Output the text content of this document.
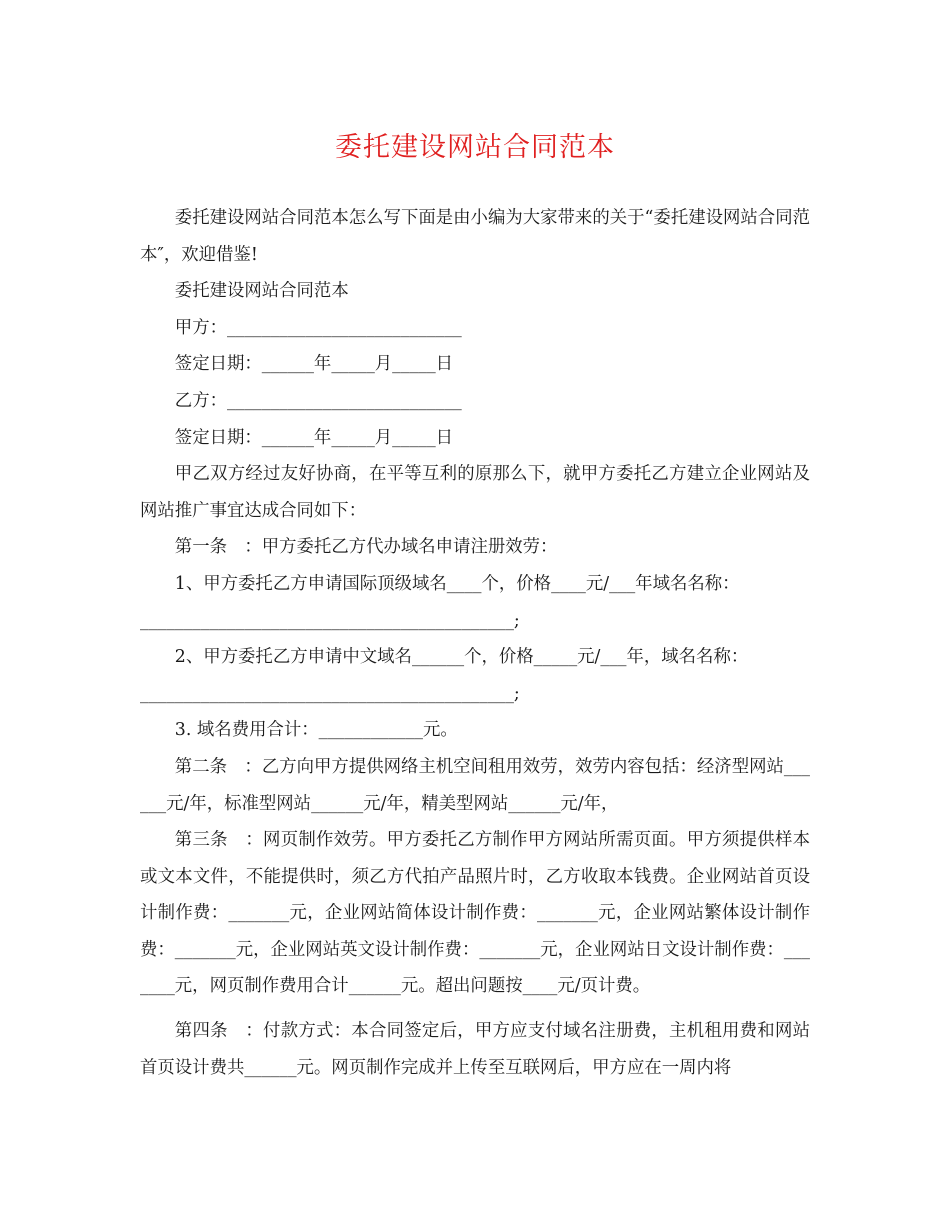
委托建设网站合同范本

委托建设网站合同范本怎么写下面是由小编为大家带来的关于“委托建设网站合同范本″，欢迎借鉴!

委托建设网站合同范本

甲方：___________________________

签定日期：______年_____月_____日

乙方：___________________________

签定日期：______年_____月_____日

甲乙双方经过友好协商，在平等互利的原那么下，就甲方委托乙方建立企业网站及网站推广事宜达成合同如下：

第一条　：甲方委托乙方代办域名申请注册效劳：

1、甲方委托乙方申请国际顶级域名____个，价格____元/___年域名名称：

___________________________________________;

2、甲方委托乙方申请中文域名______个，价格_____元/___年，域名名称：

___________________________________________;

3. 域名费用合计：____________元。

第二条　：乙方向甲方提供网络主机空间租用效劳，效劳内容包括：经济型网站______元/年，标准型网站______元/年，精美型网站______元/年，

第三条　：网页制作效劳。甲方委托乙方制作甲方网站所需页面。甲方须提供样本或文本文件，不能提供时，须乙方代拍产品照片时，乙方收取本钱费。企业网站首页设计制作费：_______元，企业网站简体设计制作费：_______元，企业网站繁体设计制作费：_______元，企业网站英文设计制作费：_______元，企业网站日文设计制作费：_______元，网页制作费用合计______元。超出问题按____元/页计费。

第四条　：付款方式：本合同签定后，甲方应支付域名注册费，主机租用费和网站首页设计费共______元。网页制作完成并上传至互联网后，甲方应在一周内将
